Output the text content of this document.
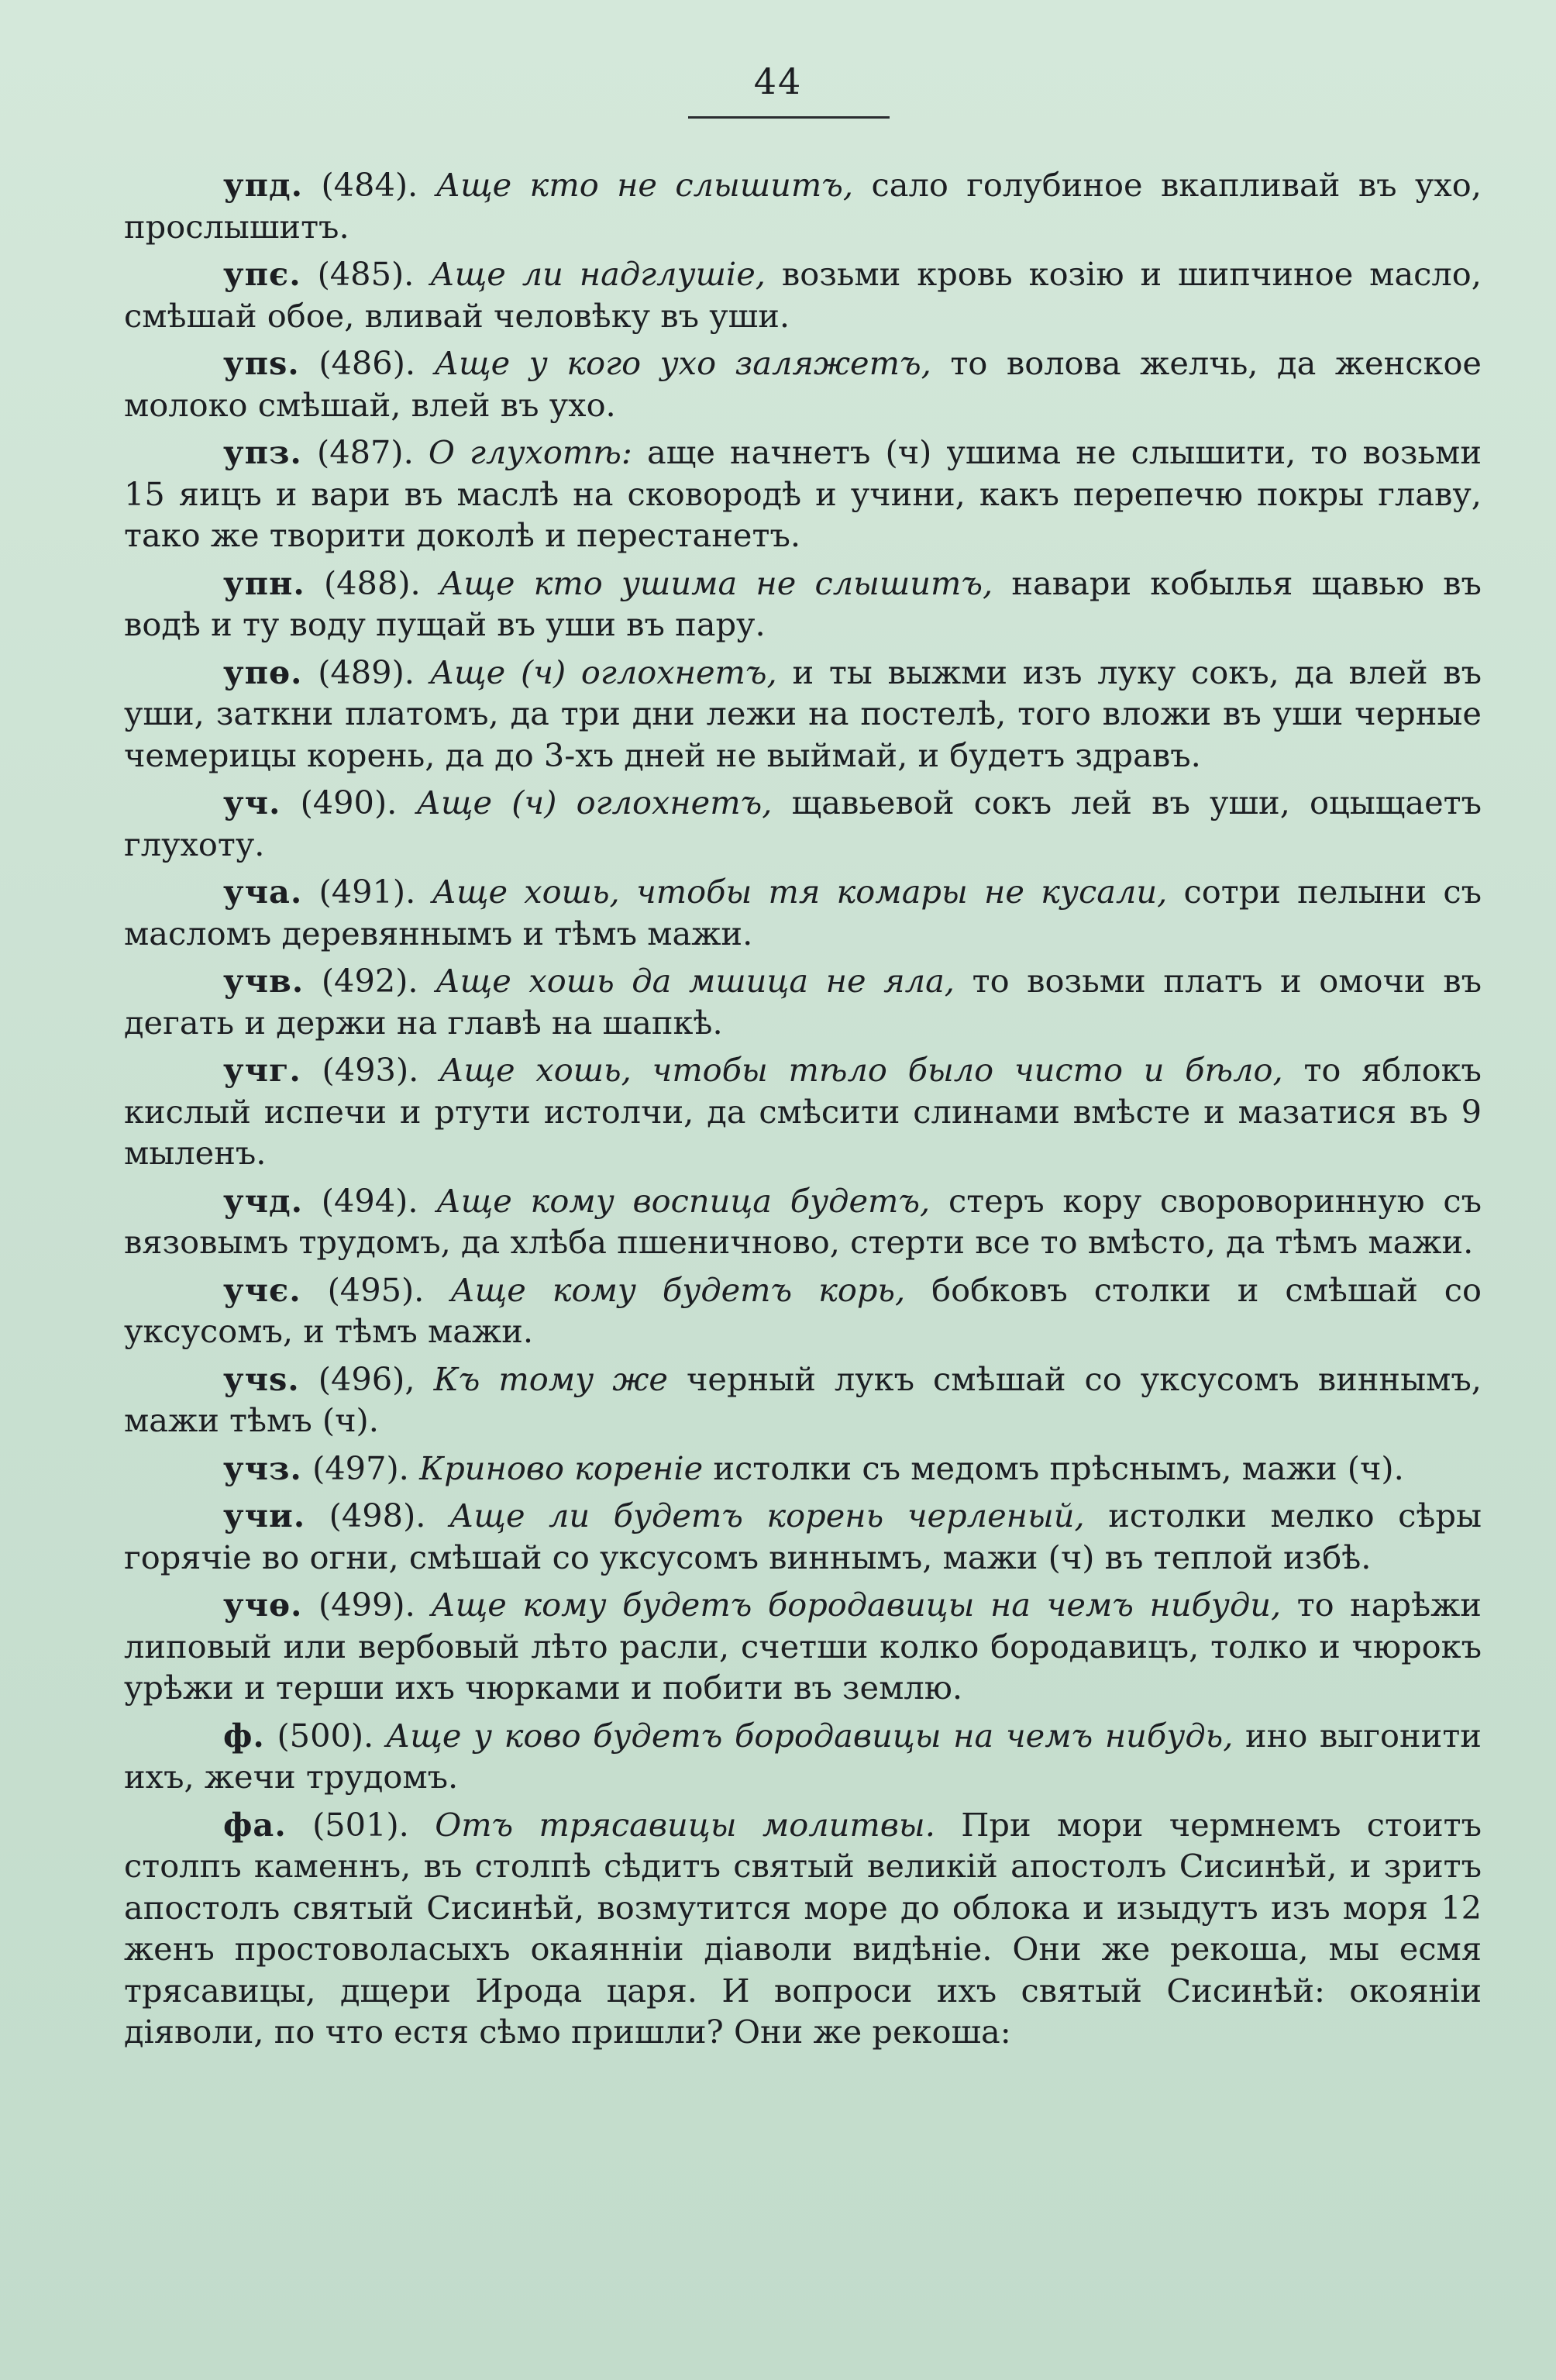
44

упд. (484). Аще кто не слышитъ, сало голубиное вкапливай въ ухо, прослышитъ.

упє. (485). Аще ли надглушіе, возьми кровь козію и шипчиное масло, смѣшай обое, вливай человѣку въ уши.

упѕ. (486). Аще у кого ухо заляжетъ, то волова желчь, да женское молоко смѣшай, влей въ ухо.

упз. (487). О глухотѣ: аще начнетъ (ч) ушима не слышити, то возьми 15 яицъ и вари въ маслѣ на сковородѣ и учини, какъ перепечю покры главу, тако же творити доколѣ и перестанетъ.

упн. (488). Аще кто ушима не слышитъ, навари кобылья щавью въ водѣ и ту воду пущай въ уши въ пару.

упѳ. (489). Аще (ч) оглохнетъ, и ты выжми изъ луку сокъ, да влей въ уши, заткни платомъ, да три дни лежи на постелѣ, того вложи въ уши черные чемерицы корень, да до 3-хъ дней не выймай, и будетъ здравъ.

уч. (490). Аще (ч) оглохнетъ, щавьевой сокъ лей въ уши, оцыщаетъ глухоту.

уча. (491). Аще хошь, чтобы тя комары не кусали, сотри пелыни съ масломъ деревяннымъ и тѣмъ мажи.

учв. (492). Аще хошь да мшица не яла, то возьми платъ и омочи въ дегать и держи на главѣ на шапкѣ.

учг. (493). Аще хошь, чтобы тѣло было чисто и бѣло, то яблокъ кислый испечи и ртути истолчи, да смѣсити слинами вмѣсте и мазатися въ 9 мыленъ.

учд. (494). Аще кому воспица будетъ, стеръ кору свороворинную съ вязовымъ трудомъ, да хлѣба пшеничново, стерти все то вмѣсто, да тѣмъ мажи.

учє. (495). Аще кому будетъ корь, бобковъ столки и смѣшай со уксусомъ, и тѣмъ мажи.

учѕ. (496), Къ тому же черный лукъ смѣшай со уксусомъ виннымъ, мажи тѣмъ (ч).

учз. (497). Криново кореніе истолки съ медомъ прѣснымъ, мажи (ч).

учи. (498). Аще ли будетъ корень черленый, истолки мелко сѣры горячіе во огни, смѣшай со уксусомъ виннымъ, мажи (ч) въ теплой избѣ.

учѳ. (499). Аще кому будетъ бородавицы на чемъ нибуди, то нарѣжи липовый или вербовый лѣто расли, счетши колко бородавицъ, толко и чюрокъ урѣжи и терши ихъ чюрками и побити въ землю.

ф. (500). Аще у ково будетъ бородавицы на чемъ нибудь, ино выгонити ихъ, жечи трудомъ.

фа. (501). Отъ трясавицы молитвы. При мори чермнемъ стоитъ столпъ каменнъ, въ столпѣ сѣдитъ святый великій апостолъ Сисинѣй, и зритъ апостолъ святый Сисинѣй, возмутится море до облока и изыдутъ изъ моря 12 женъ простоволасыхъ окаянніи діаволи видѣніе. Они же рекоша, мы есмя трясавицы, дщери Ирода царя. И вопроси ихъ святый Сисинѣй: окояніи діяволи, по что естя сѣмо пришли? Они же рекоша:
